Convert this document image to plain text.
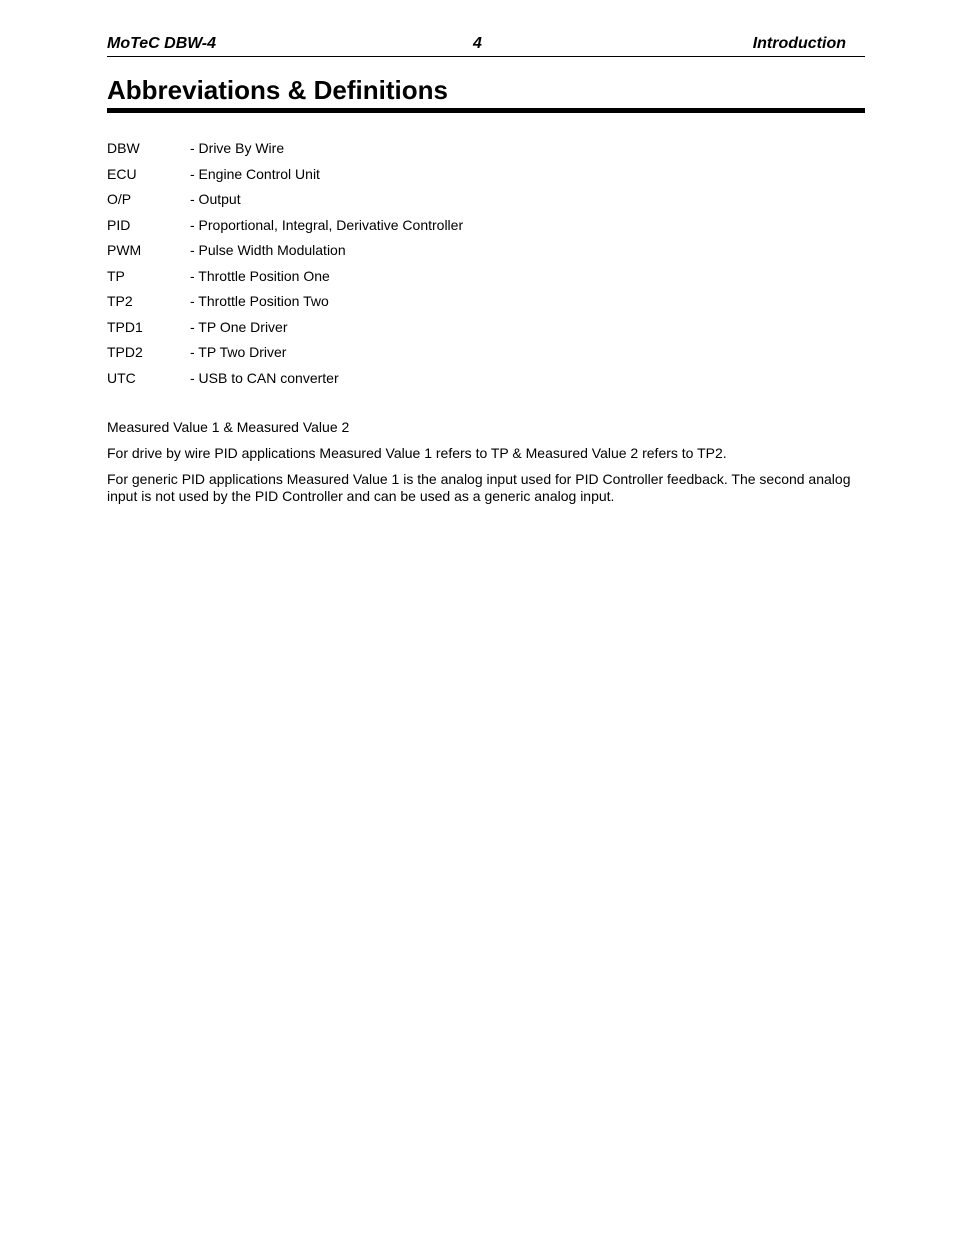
MoTeC DBW-4	4	Introduction
Abbreviations & Definitions
DBW	- Drive By Wire
ECU	- Engine Control Unit
O/P	- Output
PID	- Proportional, Integral, Derivative Controller
PWM	- Pulse Width Modulation
TP	- Throttle Position One
TP2	- Throttle Position Two
TPD1	- TP One Driver
TPD2	- TP Two Driver
UTC	- USB to CAN converter

Measured Value 1 & Measured Value 2

For drive by wire PID applications Measured Value 1 refers to TP & Measured Value 2 refers to TP2.

For generic PID applications Measured Value 1 is the analog input used for PID Controller feedback. The second analog input is not used by the PID Controller and can be used as a generic analog input.
